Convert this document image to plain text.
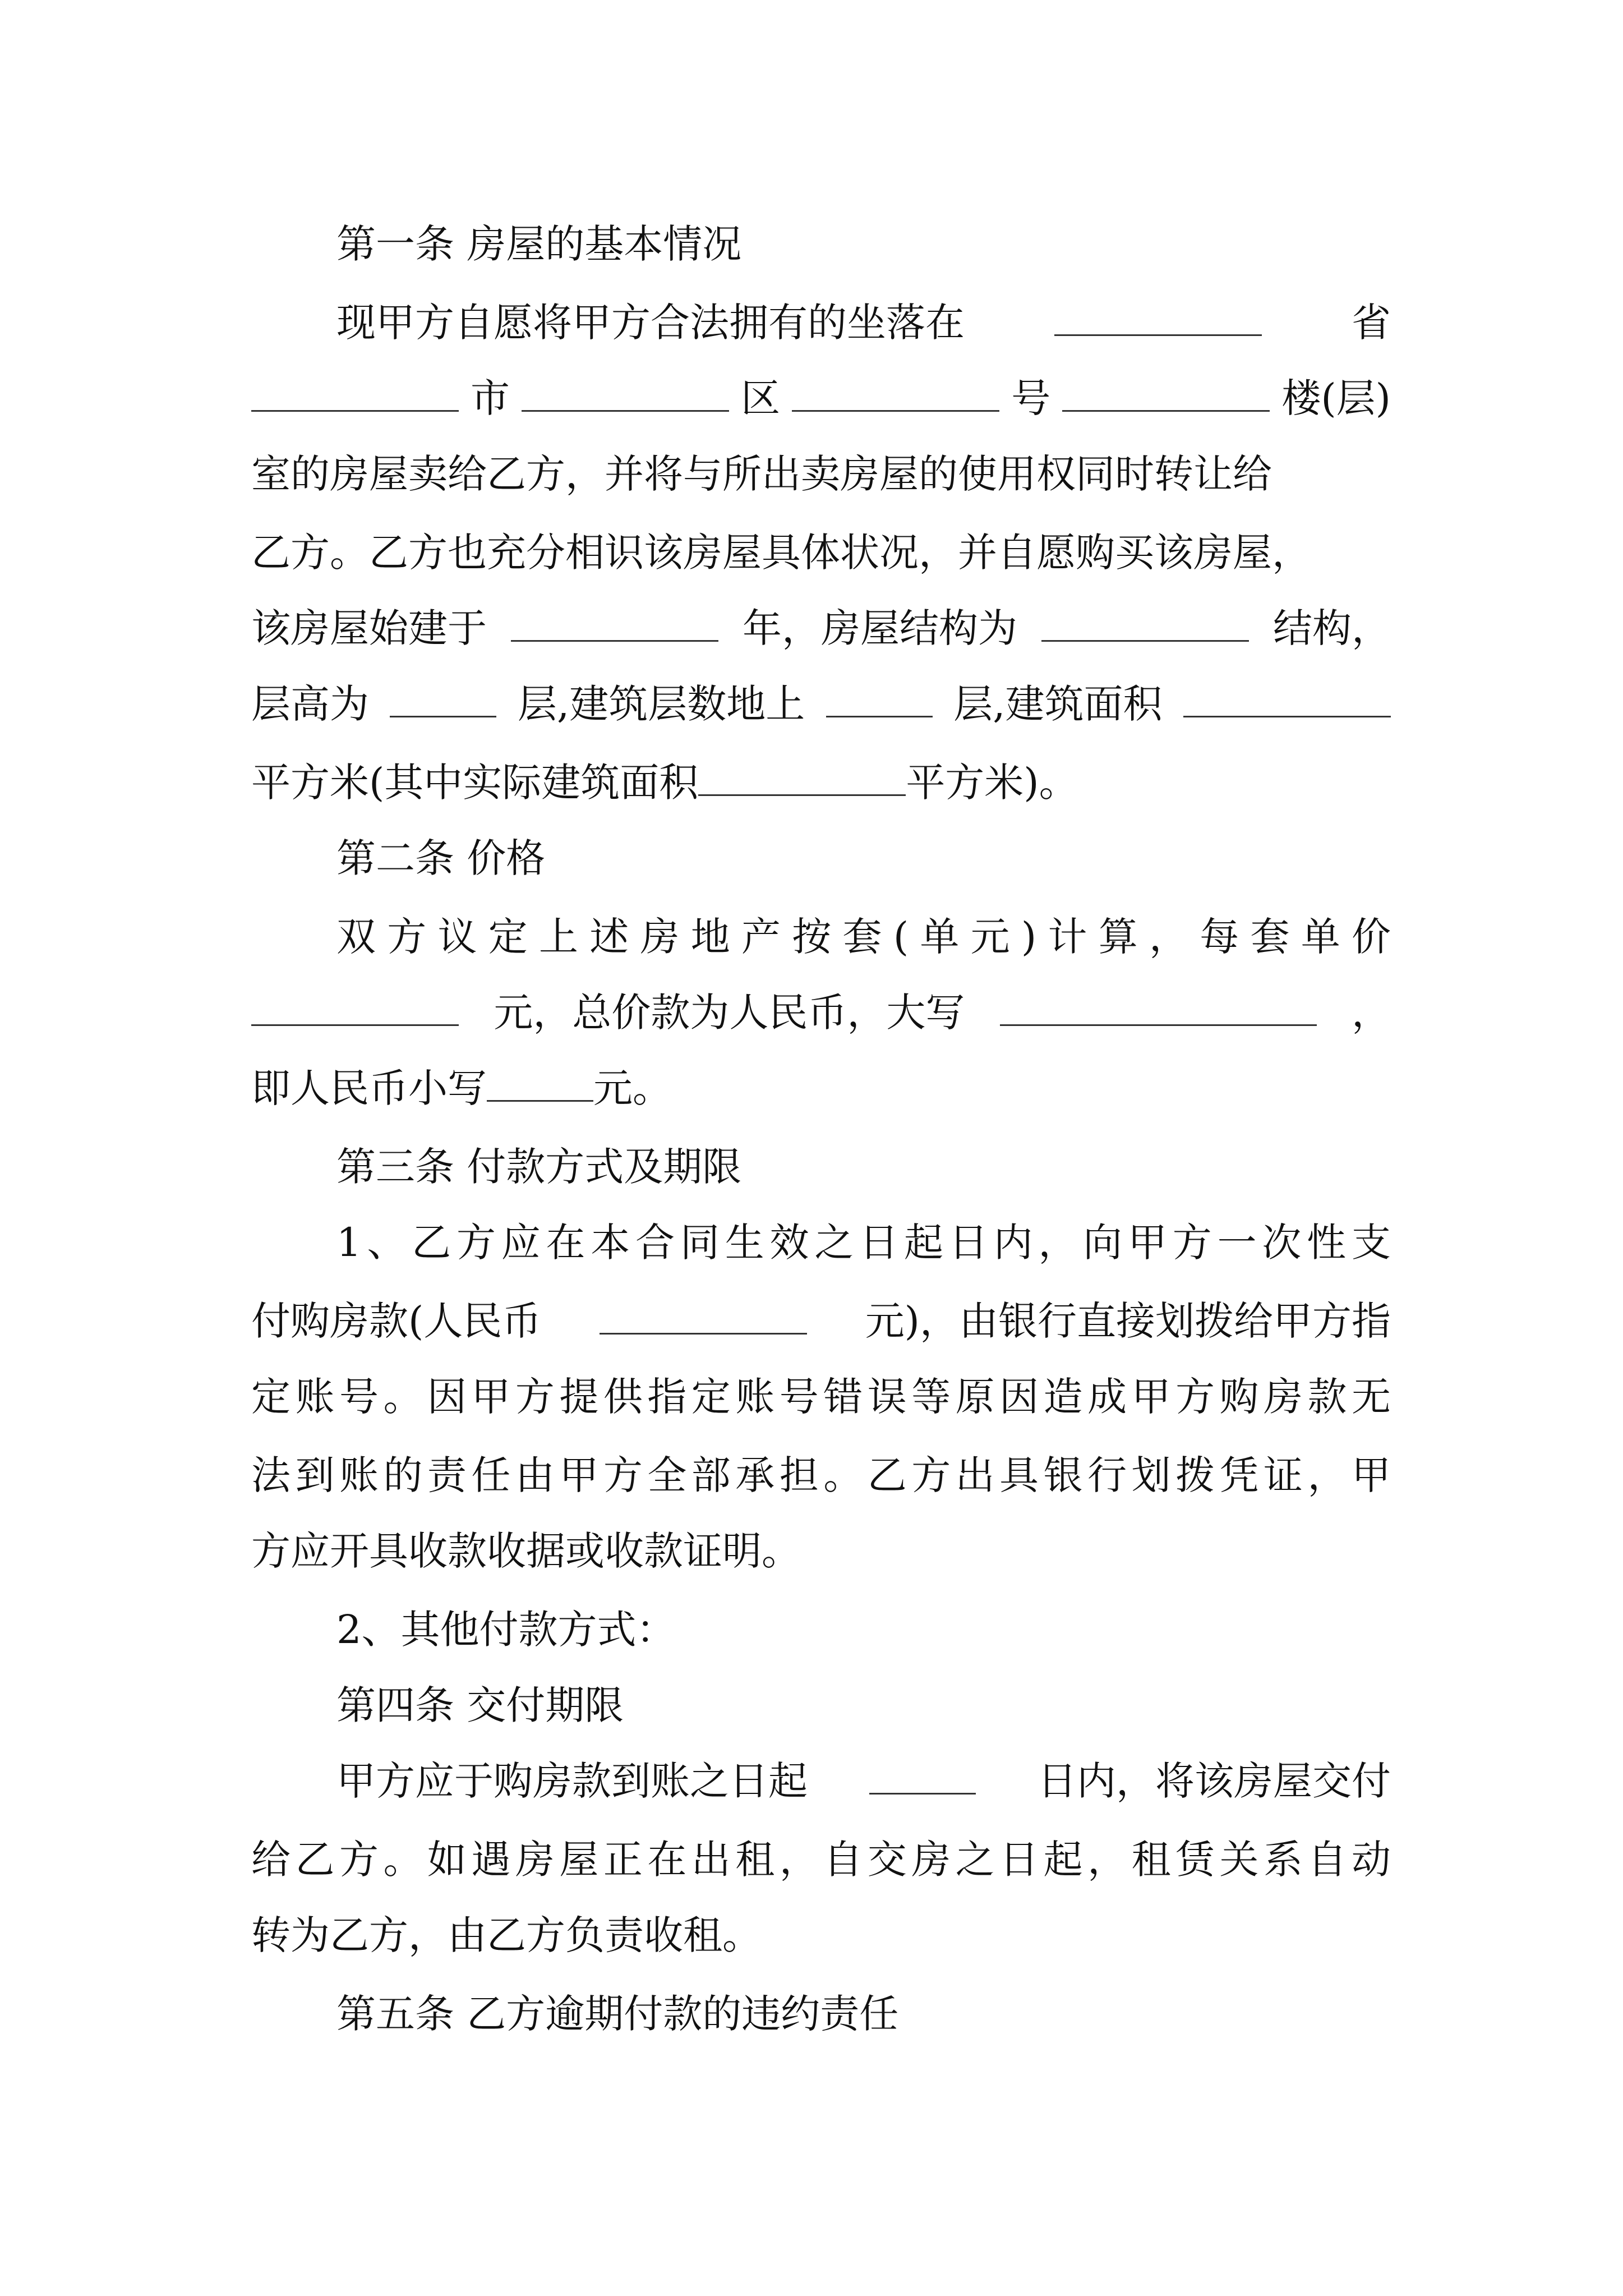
第一条 房屋的基本情况
现甲方自愿将甲方合法拥有的坐落在	省
市	区	号	楼(层)
室的房屋卖给乙方，并将与所出卖房屋的使用权同时转让给
乙方。乙方也充分相识该房屋具体状况，并自愿购买该房屋，
该房屋始建于	年，房屋结构为	结构，
层高为	层,建筑层数地上	层,建筑面积
平方米(其中实际建筑面积	平方米)。
第二条 价格
双方议定上述房地产按套(单元)计算，每套单价
元，总价款为人民币，大写	，
即人民币小写	元。
第三条 付款方式及期限
1、乙方应在本合同生效之日起日内，向甲方一次性支
付购房款(人民币	元)，由银行直接划拨给甲方指
定账号。因甲方提供指定账号错误等原因造成甲方购房款无
法到账的责任由甲方全部承担。乙方出具银行划拨凭证，甲
方应开具收款收据或收款证明。
2、其他付款方式：
第四条 交付期限
甲方应于购房款到账之日起	日内，将该房屋交付
给乙方。如遇房屋正在出租，自交房之日起，租赁关系自动
转为乙方，由乙方负责收租。
第五条 乙方逾期付款的违约责任
